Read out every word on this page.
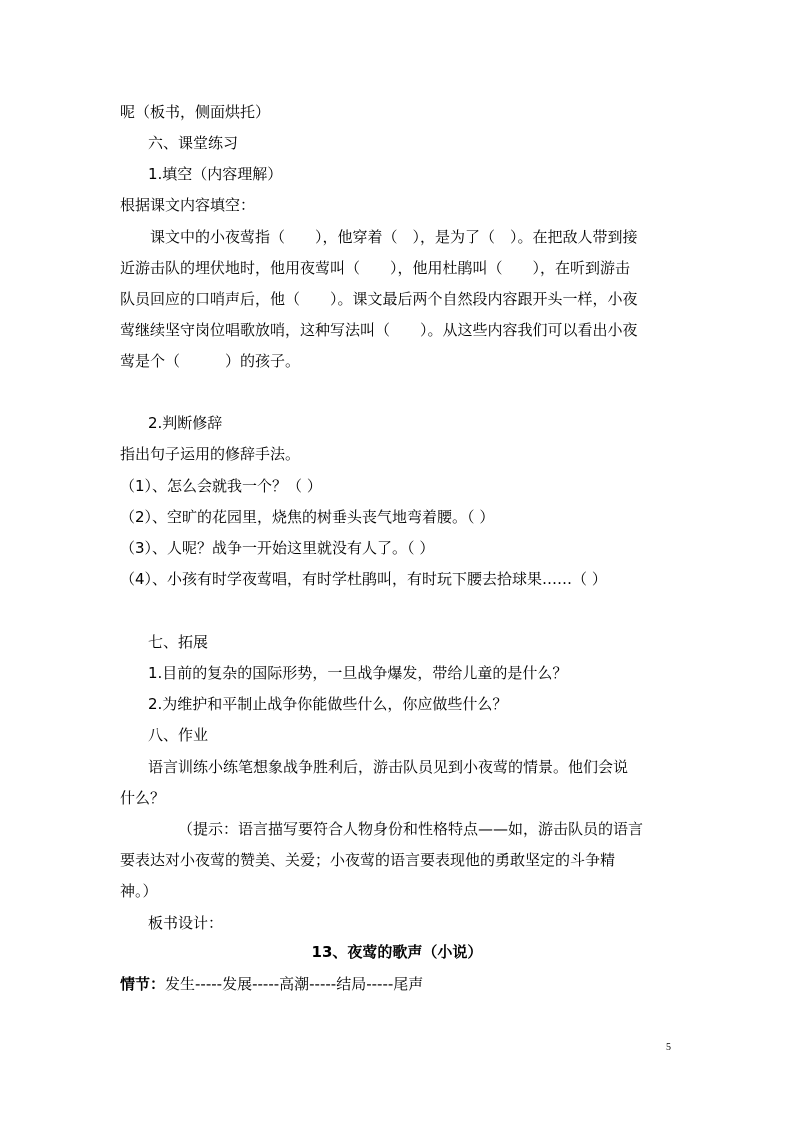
呢（板书，侧面烘托）
六、课堂练习
1.填空（内容理解）
根据课文内容填空：
课文中的小夜莺指（　　），他穿着（　），是为了（　）。在把敌人带到接
近游击队的埋伏地时，他用夜莺叫（　　），他用杜鹃叫（　　），在听到游击
队员回应的口哨声后，他（　　）。课文最后两个自然段内容跟开头一样，小夜
莺继续坚守岗位唱歌放哨，这种写法叫（　　）。从这些内容我们可以看出小夜
莺是个（　　　）的孩子。
2.判断修辞
指出句子运用的修辞手法。
（1）、怎么会就我一个？（ ）
（2）、空旷的花园里，烧焦的树垂头丧气地弯着腰。（ ）
（3）、人呢？战争一开始这里就没有人了。（ ）
（4）、小孩有时学夜莺唱，有时学杜鹃叫，有时玩下腰去拾球果……（ ）
七、拓展
1.目前的复杂的国际形势，一旦战争爆发，带给儿童的是什么？
2.为维护和平制止战争你能做些什么，你应做些什么？
八、作业
语言训练小练笔想象战争胜利后，游击队员见到小夜莺的情景。他们会说
什么？
（提示：语言描写要符合人物身份和性格特点——如，游击队员的语言
要表达对小夜莺的赞美、关爱；小夜莺的语言要表现他的勇敢坚定的斗争精
神。）
板书设计：
13、夜莺的歌声（小说）
情节：发生-----发展-----高潮-----结局-----尾声
5
